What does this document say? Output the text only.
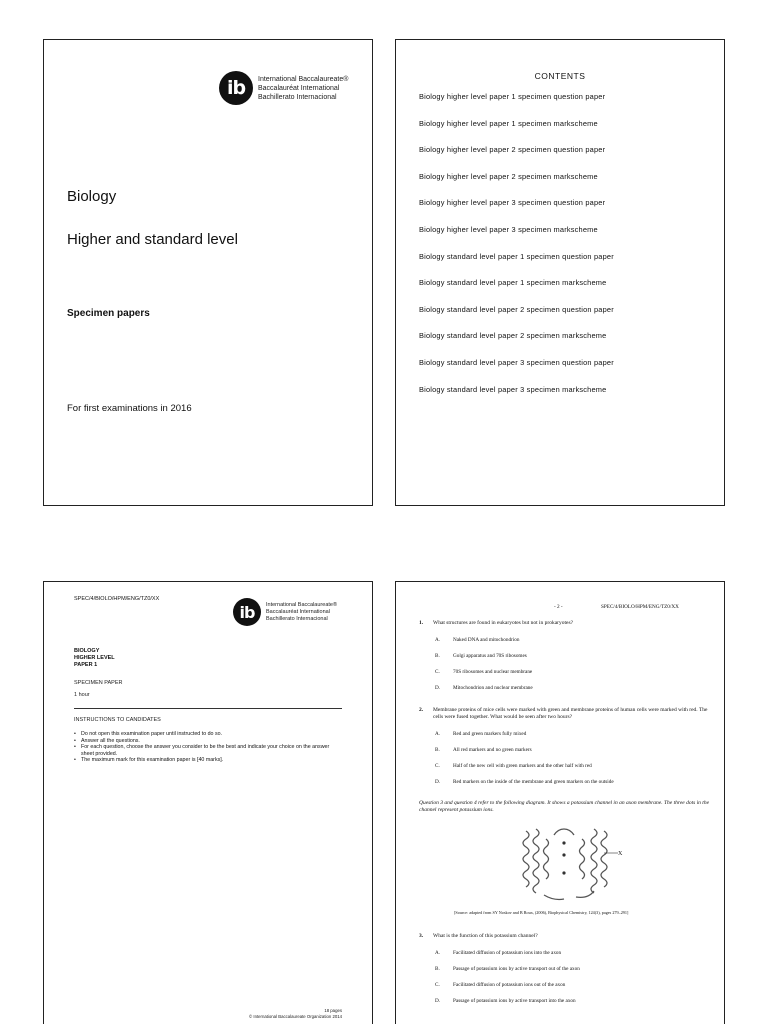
ib	International Baccalaureate®
Baccalauréat International
Bachillerato Internacional
Biology
Higher and standard level
Specimen papers
For first examinations in 2016
CONTENTS
Biology higher level paper 1 specimen question paper
Biology higher level paper 1 specimen markscheme
Biology higher level paper 2 specimen question paper
Biology higher level paper 2 specimen markscheme
Biology higher level paper 3 specimen question paper
Biology higher level paper 3 specimen markscheme
Biology standard level paper 1 specimen question paper
Biology standard level paper 1 specimen markscheme
Biology standard level paper 2 specimen question paper
Biology standard level paper 2 specimen markscheme
Biology standard level paper 3 specimen question paper
Biology standard level paper 3 specimen markscheme
SPEC/4/BIOLO/HPM/ENG/TZ0/XX
ib	International Baccalaureate®
Baccalauréat International
Bachillerato Internacional
BIOLOGY
HIGHER LEVEL
PAPER 1
SPECIMEN PAPER
1 hour
INSTRUCTIONS TO CANDIDATES
• Do not open this examination paper until instructed to do so.
• Answer all the questions.
• For each question, choose the answer you consider to be the best and indicate your choice on the answer sheet provided.
• The maximum mark for this examination paper is [40 marks].
18 pages
© International Baccalaureate Organization 2014
- 2 -	SPEC/4/BIOLO/HPM/ENG/TZ0/XX
1. What structures are found in eukaryotes but not in prokaryotes?
A. Naked DNA and mitochondrion
B.	Golgi apparatus and 70S ribosomes
C.	70S ribosomes and nuclear membrane
D. Mitochondrion and nuclear membrane
2. Membrane proteins of mice cells were marked with green and membrane proteins of human cells were marked with red. The cells were fused together. What would be seen after two hours?
A. Red and green markers fully mixed
B.	All red markers and no green markers
C.	Half of the new cell with green markers and the other half with red
D. Red markers on the inside of the membrane and green markers on the outside
Question 3 and question 4 refer to the following diagram. It shows a potassium channel in an axon membrane. The three dots in the channel represent potassium ions.
X
[Source: adapted from SY Noskov and B Roux, (2006), Biophysical Chemistry, 124(3), pages 279–291]
3. What is the function of this potassium channel?
A. Facilitated diffusion of potassium ions into the axon
B.	Passage of potassium ions by active transport out of the axon
C.	Facilitated diffusion of potassium ions out of the axon
D. Passage of potassium ions by active transport into the axon
